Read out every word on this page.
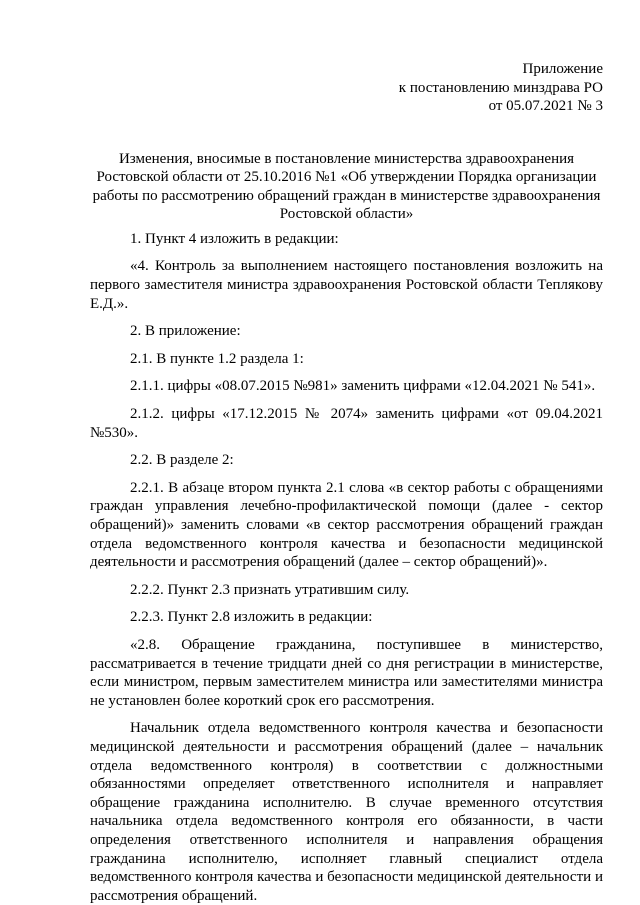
Приложение
к постановлению минздрава РО
от 05.07.2021 № 3
Изменения, вносимые в постановление министерства здравоохранения
Ростовской области от 25.10.2016 №1 «Об утверждении Порядка организации
работы по рассмотрению обращений граждан в министерстве здравоохранения
Ростовской области»

1. Пункт 4 изложить в редакции:

«4. Контроль за выполнением настоящего постановления возложить на первого заместителя министра здравоохранения Ростовской области Теплякову Е.Д.».

2. В приложение:

2.1. В пункте 1.2 раздела 1:

2.1.1. цифры «08.07.2015 №981» заменить цифрами «12.04.2021 № 541».

2.1.2. цифры «17.12.2015 № 2074» заменить цифрами «от 09.04.2021 №530».

2.2. В разделе 2:

2.2.1. В абзаце втором пункта 2.1 слова «в сектор работы с обращениями граждан управления лечебно-профилактической помощи (далее - сектор обращений)» заменить словами «в сектор рассмотрения обращений граждан отдела ведомственного контроля качества и безопасности медицинской деятельности и рассмотрения обращений (далее – сектор обращений)».

2.2.2. Пункт 2.3 признать утратившим силу.

2.2.3. Пункт 2.8 изложить в редакции:

«2.8. Обращение гражданина, поступившее в министерство, рассматривается в течение тридцати дней со дня регистрации в министерстве, если министром, первым заместителем министра или заместителями министра не установлен более короткий срок его рассмотрения.

Начальник отдела ведомственного контроля качества и безопасности медицинской деятельности и рассмотрения обращений (далее – начальник отдела ведомственного контроля) в соответствии с должностными обязанностями определяет ответственного исполнителя и направляет обращение гражданина исполнителю. В случае временного отсутствия начальника отдела ведомственного контроля его обязанности, в части определения ответственного исполнителя и направления обращения гражданина исполнителю, исполняет главный специалист отдела ведомственного контроля качества и безопасности медицинской деятельности и рассмотрения обращений.
